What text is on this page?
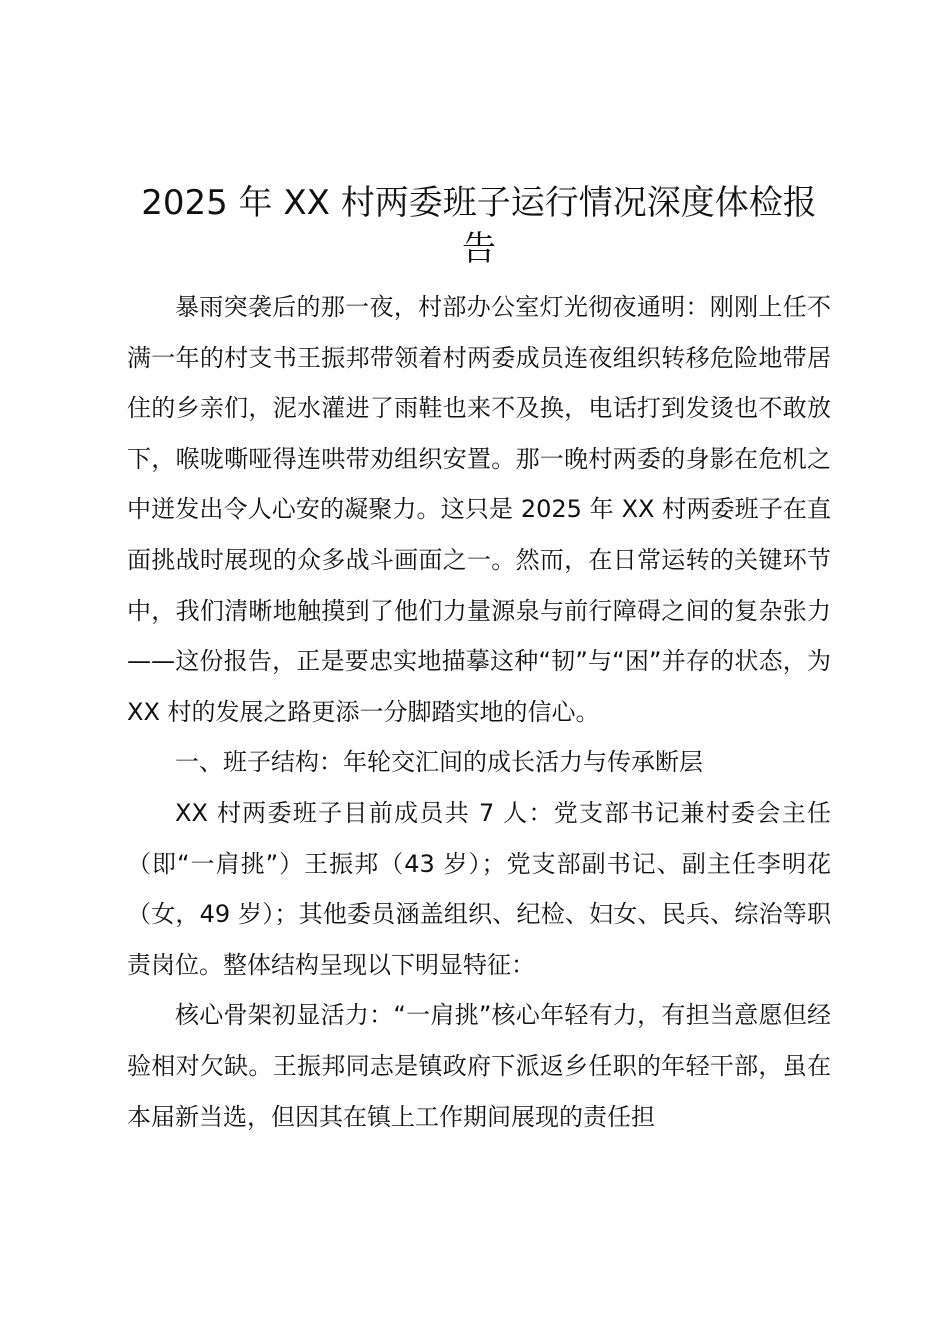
2025 年 XX 村两委班子运行情况深度体检报告

暴雨突袭后的那一夜，村部办公室灯光彻夜通明：刚刚上任不满一年的村支书王振邦带领着村两委成员连夜组织转移危险地带居住的乡亲们，泥水灌进了雨鞋也来不及换，电话打到发烫也不敢放下，喉咙嘶哑得连哄带劝组织安置。那一晚村两委的身影在危机之中迸发出令人心安的凝聚力。这只是 2025 年 XX 村两委班子在直面挑战时展现的众多战斗画面之一。然而，在日常运转的关键环节中，我们清晰地触摸到了他们力量源泉与前行障碍之间的复杂张力——这份报告，正是要忠实地描摹这种“韧”与“困”并存的状态，为 XX 村的发展之路更添一分脚踏实地的信心。

一、班子结构：年轮交汇间的成长活力与传承断层

XX 村两委班子目前成员共 7 人：党支部书记兼村委会主任（即“一肩挑”）王振邦（43 岁）；党支部副书记、副主任李明花（女，49 岁）；其他委员涵盖组织、纪检、妇女、民兵、综治等职责岗位。整体结构呈现以下明显特征：

核心骨架初显活力：“一肩挑”核心年轻有力，有担当意愿但经验相对欠缺。王振邦同志是镇政府下派返乡任职的年轻干部，虽在本届新当选，但因其在镇上工作期间展现的责任担
